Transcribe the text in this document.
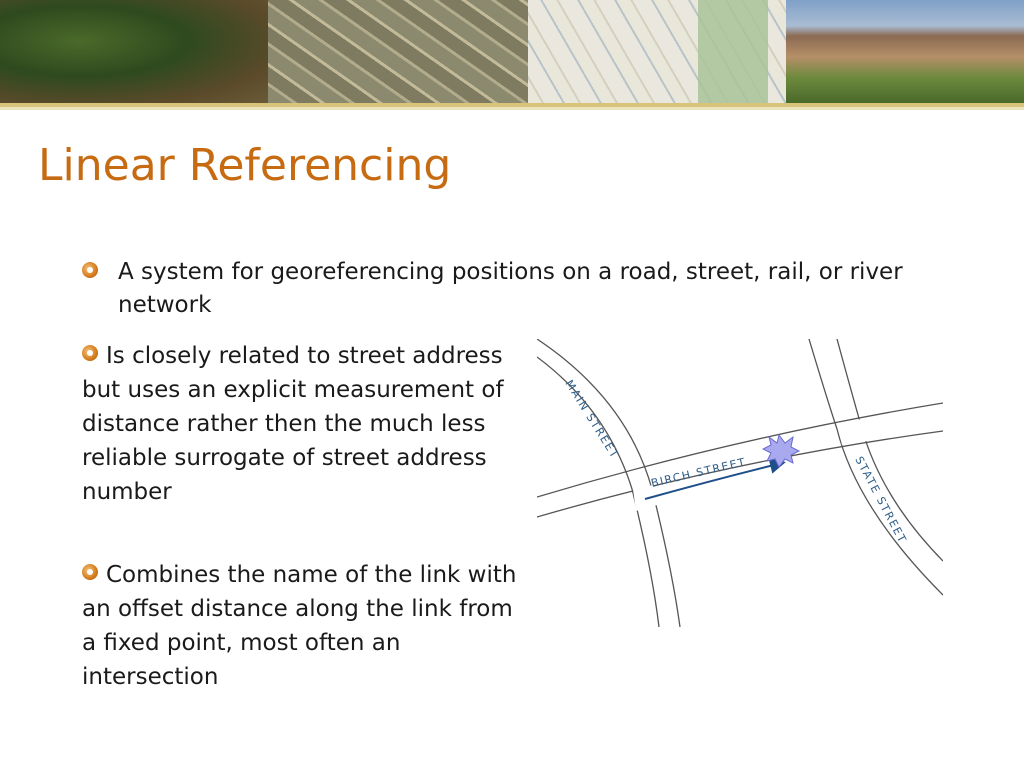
Linear Referencing
A system for georeferencing positions on a road, street, rail, or river network
Is closely related to street address but uses an explicit measurement of distance rather then the much less reliable surrogate of street address number
Combines the name of the link with an offset distance along the link from a fixed point, most often an intersection
MAIN STREET
BIRCH STREET	STATE STREET
